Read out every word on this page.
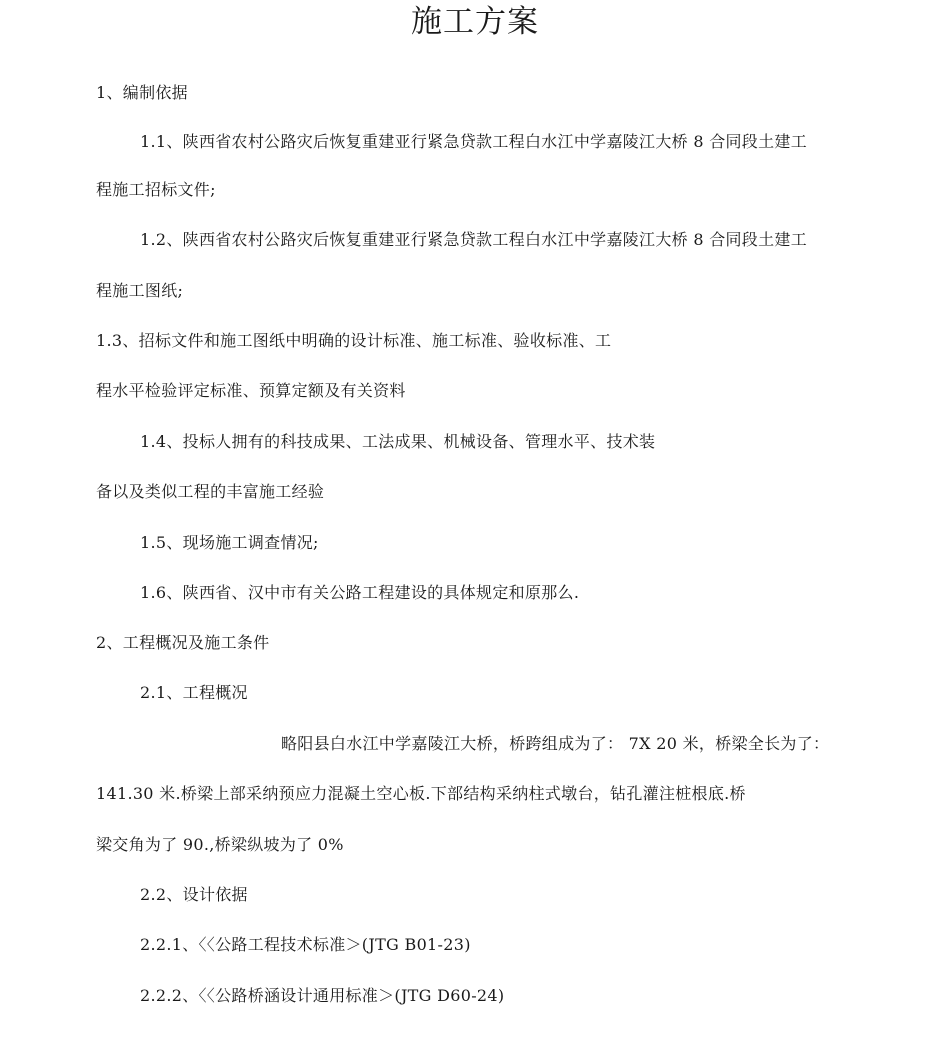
施工方案
1、编制依据
1.1、陕西省农村公路灾后恢复重建亚行紧急贷款工程白水江中学嘉陵江大桥 8 合同段土建工
程施工招标文件;
1.2、陕西省农村公路灾后恢复重建亚行紧急贷款工程白水江中学嘉陵江大桥 8 合同段土建工
程施工图纸;
1.3、招标文件和施工图纸中明确的设计标准、施工标准、验收标准、工
程水平检验评定标准、预算定额及有关资料
1.4、投标人拥有的科技成果、工法成果、机械设备、管理水平、技术装
备以及类似工程的丰富施工经验
1.5、现场施工调查情况;
1.6、陕西省、汉中市有关公路工程建设的具体规定和原那么.
2、工程概况及施工条件
2.1、工程概况
略阳县白水江中学嘉陵江大桥，桥跨组成为了： 7X 20 米，桥梁全长为了：
141.30 米.桥梁上部采纳预应力混凝土空心板.下部结构采纳柱式墩台，钻孔灌注桩根底.桥
梁交角为了 90.,桥梁纵坡为了 0%
2.2、设计依据
2.2.1、〈〈公路工程技术标准＞(JTG B01-23)
2.2.2、〈〈公路桥涵设计通用标准＞(JTG D60-24)
